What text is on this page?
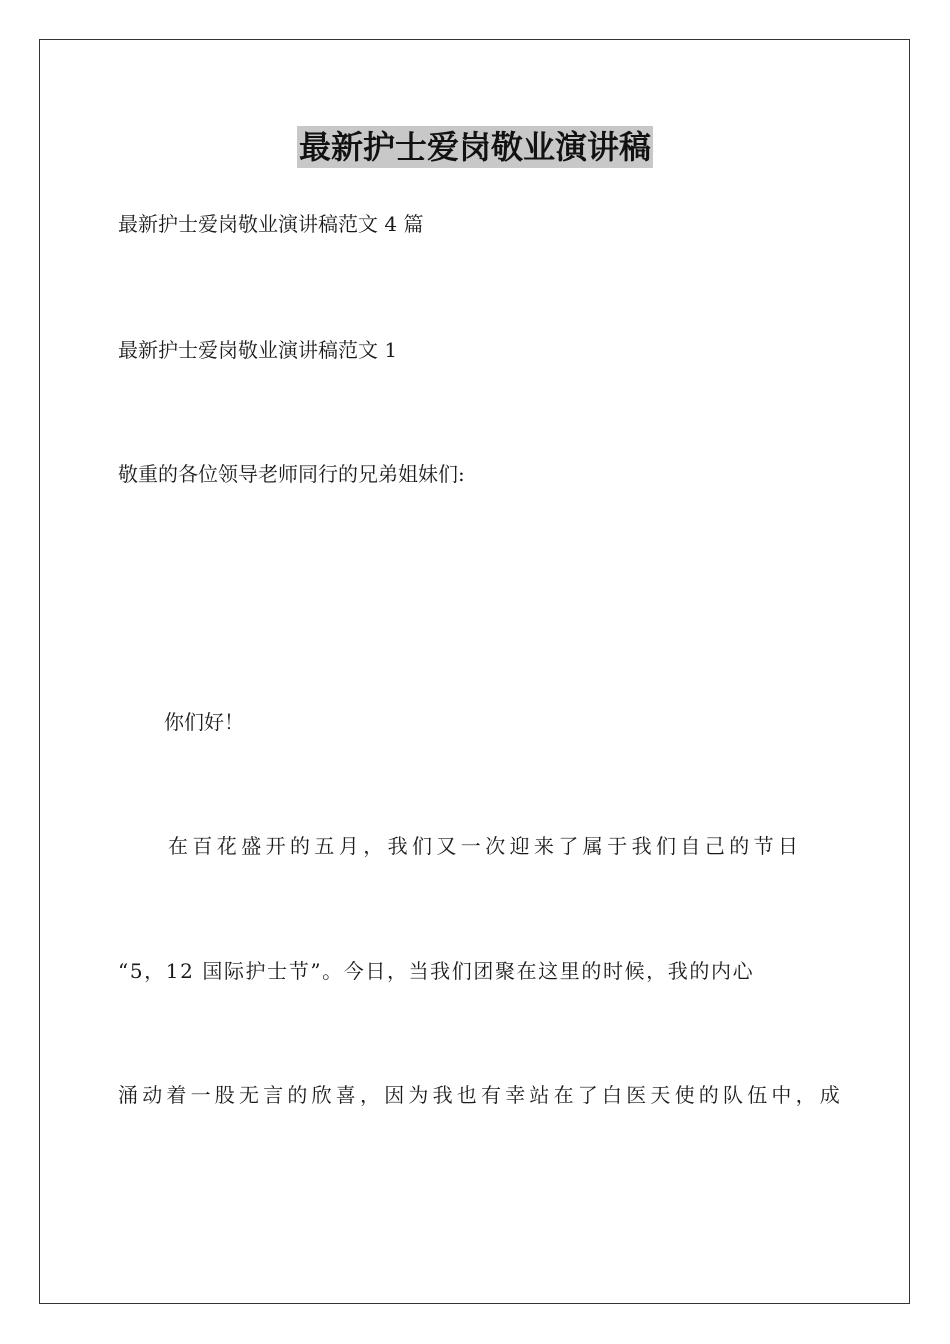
最新护士爱岗敬业演讲稿
最新护士爱岗敬业演讲稿范文 4 篇
最新护士爱岗敬业演讲稿范文 1
敬重的各位领导老师同行的兄弟姐妹们:
你们好！
在百花盛开的五月，我们又一次迎来了属于我们自己的节日
“5，12 国际护士节”。今日，当我们团聚在这里的时候，我的内心
涌动着一股无言的欣喜，因为我也有幸站在了白医天使的队伍中，成
